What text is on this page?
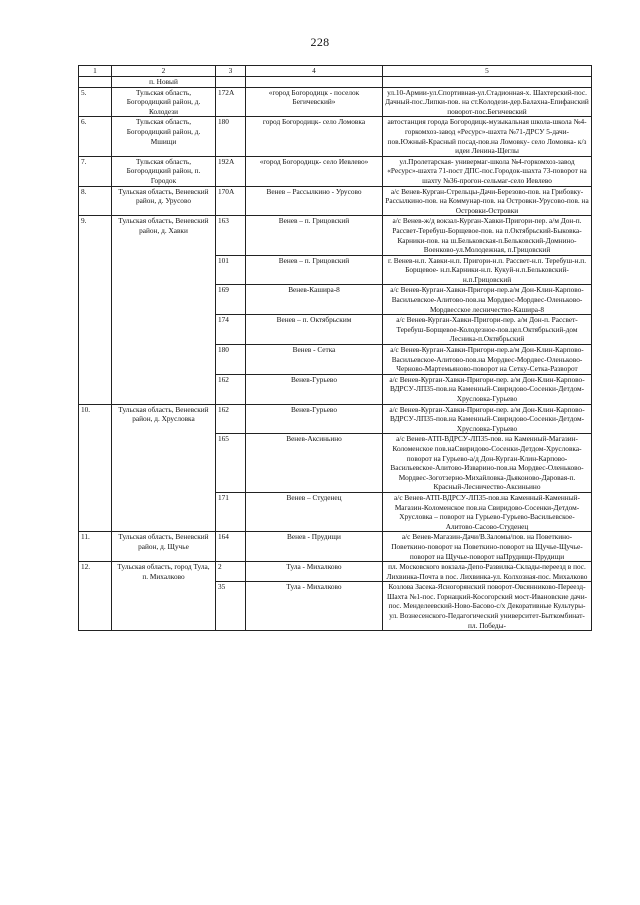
228
1	2	3	4	5
	п. Новый			
5.	Тульская область, Богородицкий район, д. Колодези	172А	«город Богородицк - поселок Бегичевский»	ул.10-Армии-ул.Спортивная-ул.Стадионная-х. Шахтерский-пос. Дачный-пос.Липки-пов. на ст.Колодези-дер.Балахна-Епифанский поворот-пос.Бегичевский
6.	Тульская область, Богородицкий район, д. Мшищи	180	город Богородицк- село Ломовка	автостанция города Богородицк-музыкальная школа-школа №4-горкомхоз-завод «Ресурс»-шахта №71-ДРСУ 5-дачи- пов.Южный-Красный посад-пов.на Ломовку- село Ломовка- к/з идеи Ленина-Щеглы
7.	Тульская область, Богородицкий район, п. Городок	192А	«город Богородицк- село Иевлево»	ул.Пролетарская- универмаг-школа №4-горкомхоз-завод «Ресурс»-шахта 71-пост ДПС-пос.Городок-шахта 73-поворот на шахту №36-прогон-сельмаг-село Иевлево
8.	Тульская область, Веневский район, д. Урусово	170А	Венев – Рассылкино - Урусово	а/с Венев-Курган-Стрельцы-Дачи-Березово-пов. на Грибовку-Рассылкино-пов. на Коммунар-пов. на Островки-Урусово-пов. на Островки-Островки
9.	Тульская область, Веневский район, д. Хавки	163	Венев – п. Грицовский	а/с Венев-ж/д вокзал-Курган-Хавки-Пригори-пер. а/м Дон-п. Рассвет-Теребуш-Борщевое-пов. на п.Октябрьский-Быковка-Карники-пов. на ш.Бельковская-п.Бельковский-Домнино-Военково-ул.Молодежная, п.Грицовский
		101	Венев – п. Грицовский	г. Венев-н.п. Хавки-н.п. Пригори-н.п. Рассвет-н.п. Теребуш-н.п. Борщевое- н.п.Карники-н.п. Кукуй-н.п.Бельковский-н.п.Грицовский
		169	Венев-Кашира-8	а/с Венев-Курган-Хавки-Пригори-пер.а/м Дон-Клин-Карпово-Васильевское-Алитово-пов.на Мордвес-Мордвес-Оленьково-Мордвесское лесничество-Кашира-8
		174	Венев – п. Октябрьским	а/с Венев-Курган-Хавки-Пригори-пер. а/м Дон-п. Рассвет-Теребуш-Борщевое-Колодезное-пов.цел.Октябрьский-дом Лесника-п.Октябрьский
		180	Венев - Сетка	а/с Венев-Курган-Хавки-Пригори-пер.а/м Дон-Клин-Карпово-Васильевское-Алитово-пов.на Мордвес-Мордвес-Оленьково-Черново-Мартемьяново-поворот на Сетку-Сетка-Разворот
		162	Венев-Гурьево	а/с Венев-Курган-Хавки-Пригори-пер. а/м Дон-Клин-Карпово-ВДРСУ-ЛП35-пов.на Каменный-Свиридово-Сосенки-Детдом-Хрусловка-Гурьево
10.	Тульская область, Веневский район, д. Хрусловка	162	Венев-Гурьево	а/с Венев-Курган-Хавки-Пригори-пер. а/м Дон-Клин-Карпово-ВДРСУ-ЛП35-пов.на Каменный-Свиридово-Сосенки-Детдом-Хрусловка-Гурьево
		165	Венев-Аксиньино	а/с Венев-АТП-ВДРСУ-ЛП35-пов. на Каменный-Магазин-Коломенское пов.наСвиридово-Сосенки-Детдом-Хрусловка-поворот на Гурьево-а/д Дон-Курган-Клин-Карпово-Васильевское-Алитово-Изварино-пов.на Мордвес-Оленьково-Мордвес-Зоготзерно-Михайловка-Дьяконово-Даровая-п. Красный-Лесничество-Аксиньино
		171	Венев – Студенец	а/с Венев-АТП-ВДРСУ-ЛП35-пов.на Каменный-Каменный-Магазин-Коломенское пов.на Свиридово-Сосенки-Детдом-Хрусловка – поворот на Гурьево-Гурьево-Васильевское-Алитово-Сасово-Студенец
11.	Тульская область, Веневский район, д. Щучье	164	Венев - Прудищи	а/с Венев-Магазин-Дачи/В.Заломы/пов. на Поветкино-Поветкино-поворот на Поветкино-поворот на Щучье-Щучье-поворот на Щучье-поворот наПрудищи-Прудищи
12.	Тульская область, город Тула, п. Михалково	2	Тула - Михалково	пл. Московского вокзала-Депо-Развилка-Склады-переезд в пос. Лихвинка-Почта в пос. Лихвинка-ул. Колхозная-пос. Михалково
		35	Тула - Михалково	Козлова Засека-Ясногорянский поворот-Овсянниково-Переезд-Шахта №1-пос. Горнацкий-Косогорский мост-Ивановские дачи-пос. Менделеевский-Ново-Басово-с/х Декоративные Культуры-ул. Вознесенского-Педагогический университет-Быткомбинат-пл. Победы-
